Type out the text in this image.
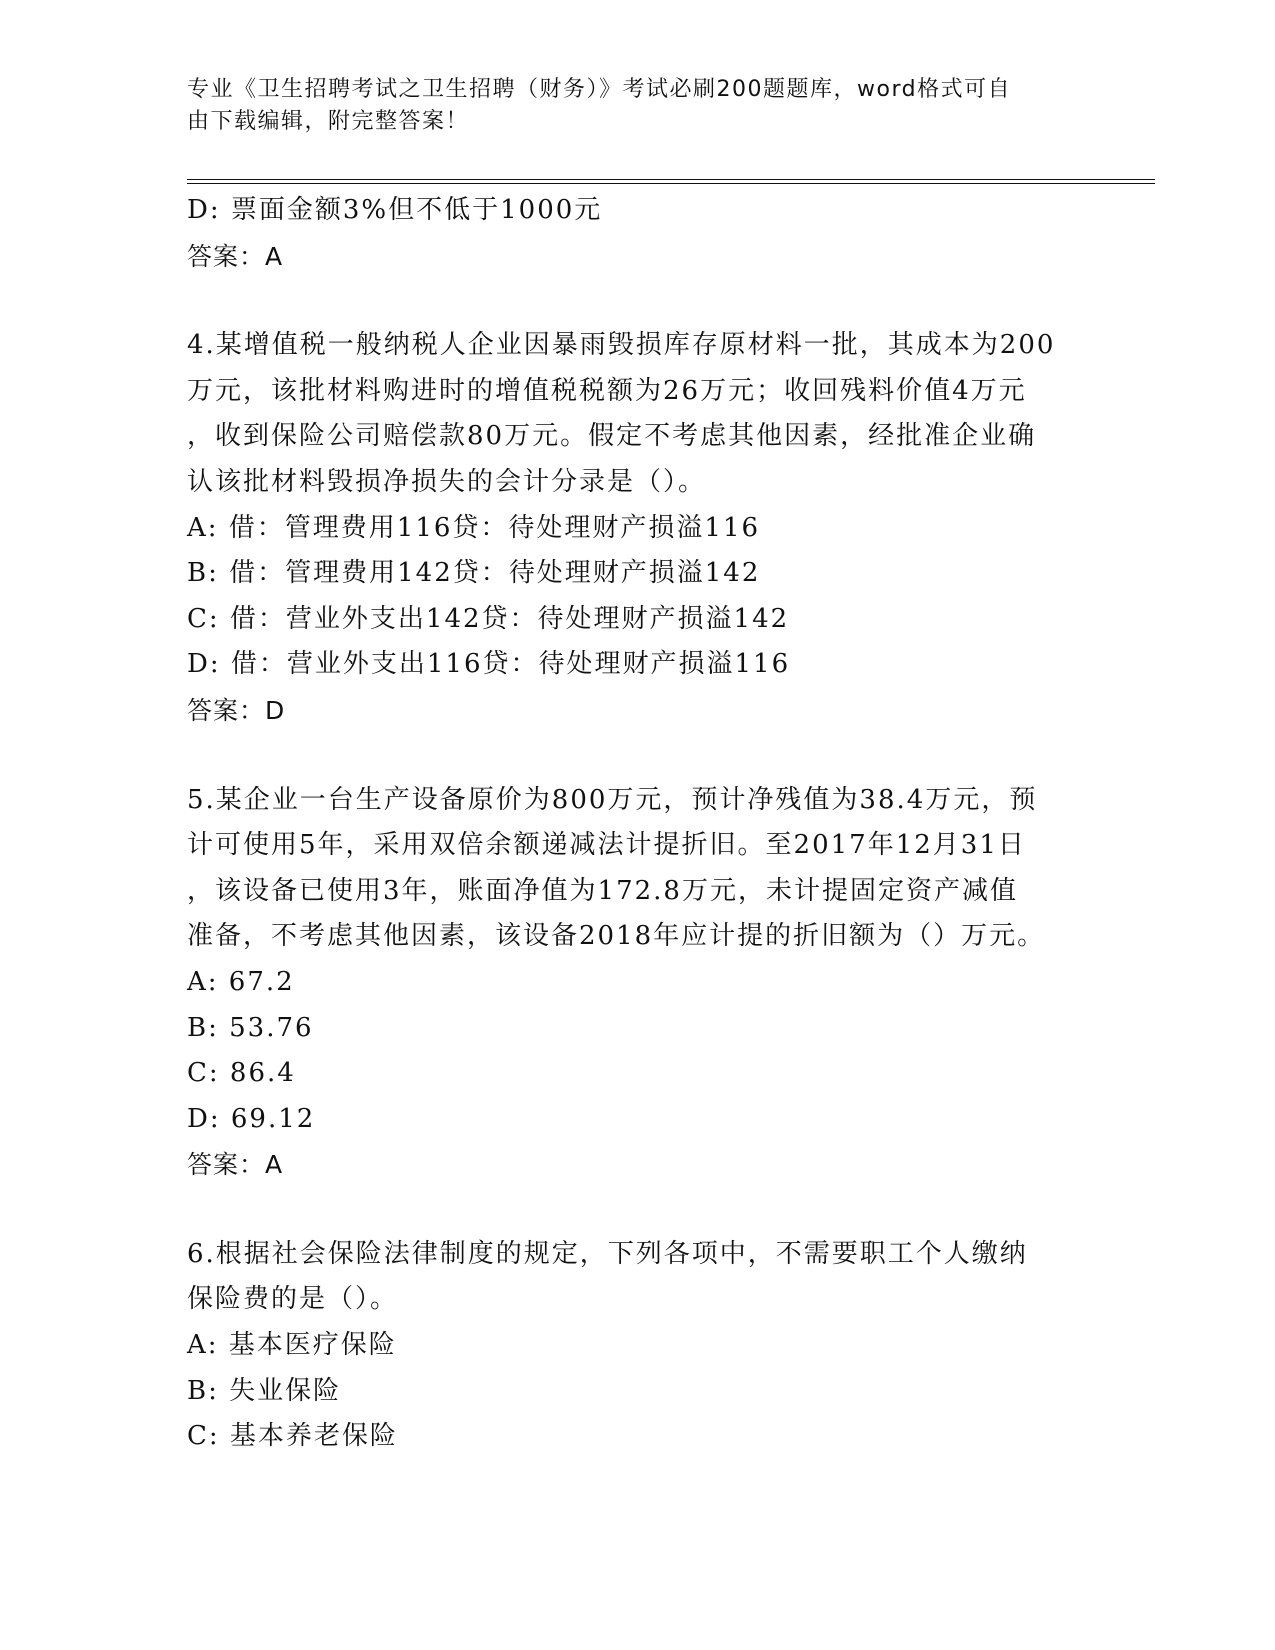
专业《卫生招聘考试之卫生招聘（财务）》考试必刷200题题库，word格式可自
由下载编辑，附完整答案！
D: 票面金额3%但不低于1000元
答案：A
4.某增值税一般纳税人企业因暴雨毁损库存原材料一批，其成本为200
万元，该批材料购进时的增值税税额为26万元；收回残料价值4万元
，收到保险公司赔偿款80万元。假定不考虑其他因素，经批准企业确
认该批材料毁损净损失的会计分录是（）。
A: 借：管理费用116贷：待处理财产损溢116
B: 借：管理费用142贷：待处理财产损溢142
C: 借：营业外支出142贷：待处理财产损溢142
D: 借：营业外支出116贷：待处理财产损溢116
答案：D
5.某企业一台生产设备原价为800万元，预计净残值为38.4万元，预
计可使用5年，采用双倍余额递减法计提折旧。至2017年12月31日
，该设备已使用3年，账面净值为172.8万元，未计提固定资产减值
准备，不考虑其他因素，该设备2018年应计提的折旧额为（）万元。
A: 67.2
B: 53.76
C: 86.4
D: 69.12
答案：A
6.根据社会保险法律制度的规定，下列各项中，不需要职工个人缴纳
保险费的是（）。
A: 基本医疗保险
B: 失业保险
C: 基本养老保险
